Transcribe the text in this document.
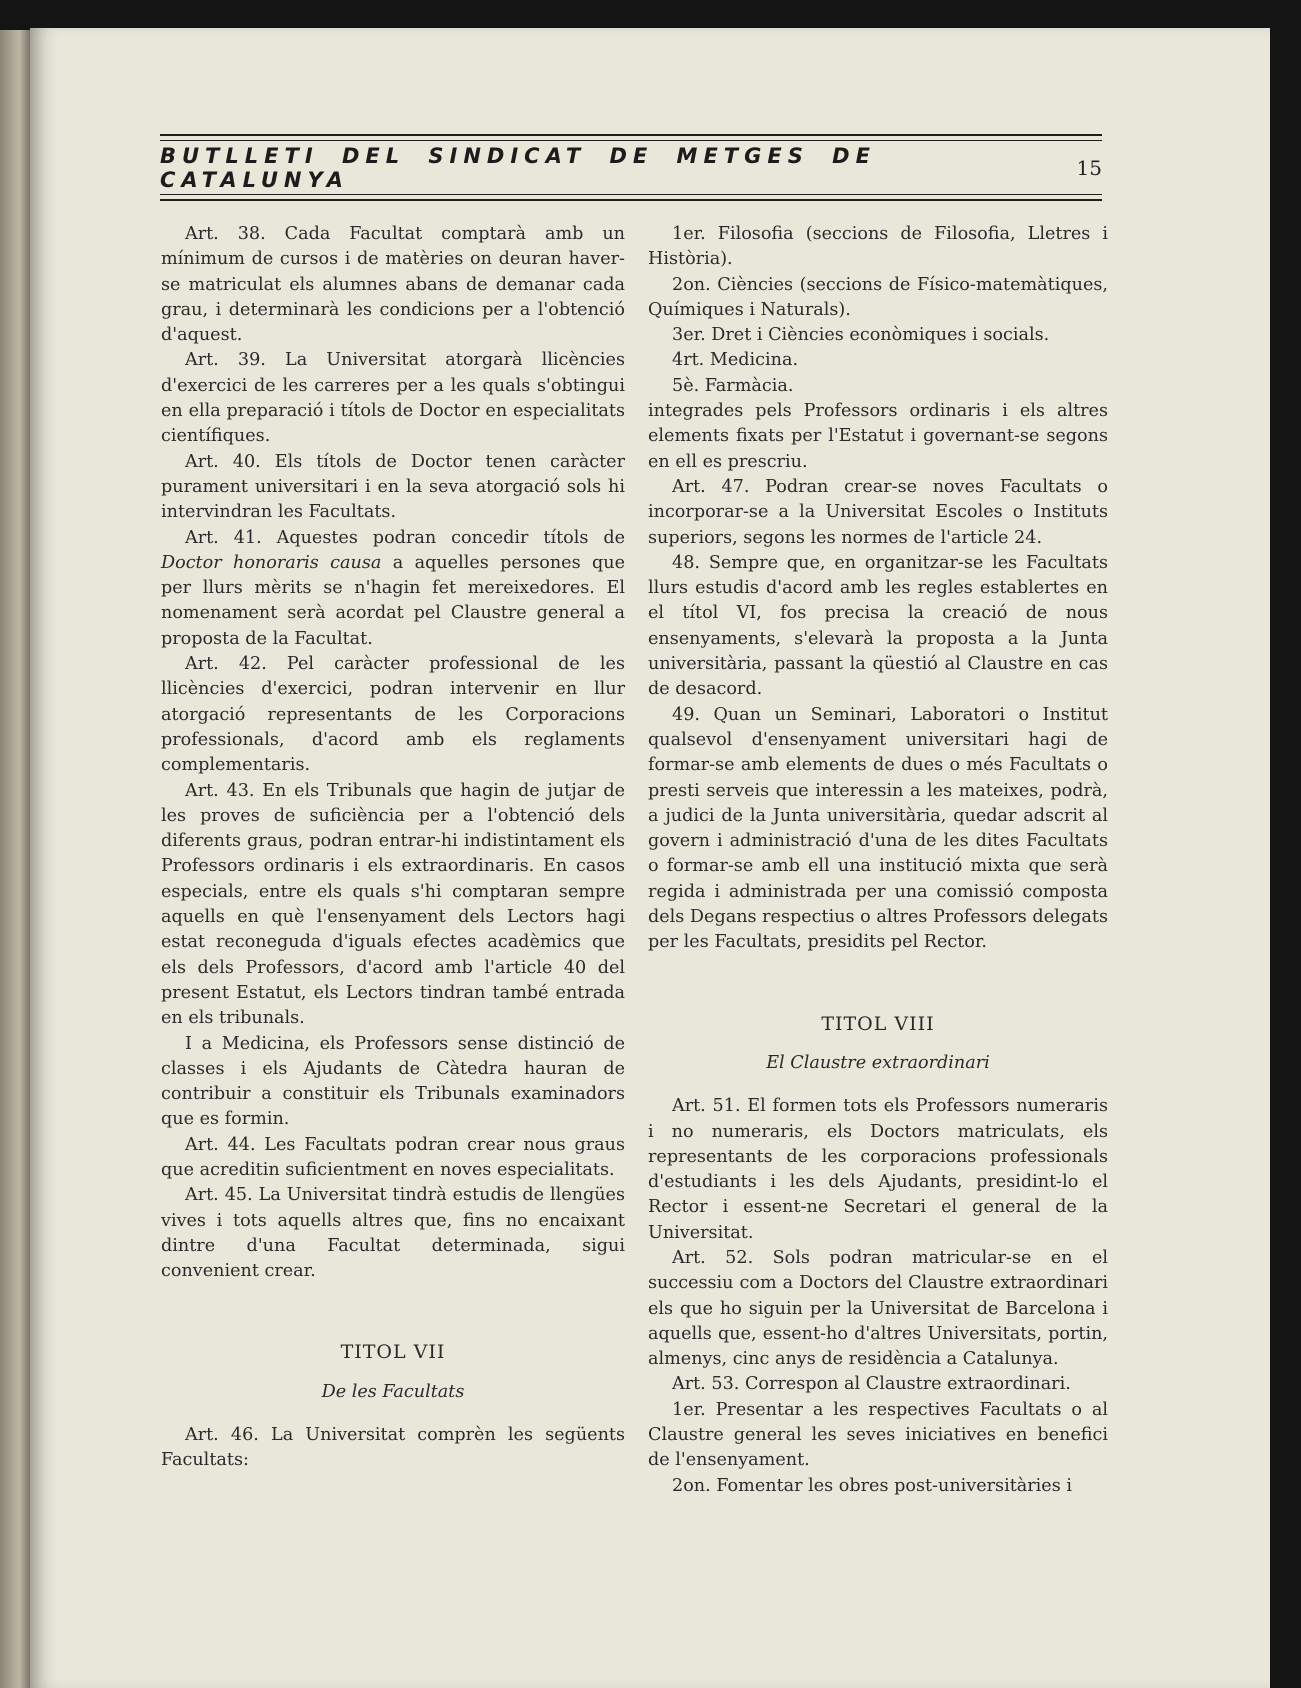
BUTLLETI DEL SINDICAT DE METGES DE CATALUNYA	15

Art. 38. Cada Facultat comptarà amb un mínimum de cursos i de matèries on deuran haver-se matriculat els alumnes abans de demanar cada grau, i determinarà les condicions per a l'obtenció d'aquest.

Art. 39. La Universitat atorgarà llicències d'exercici de les carreres per a les quals s'obtingui en ella preparació i títols de Doctor en especialitats científiques.

Art. 40. Els títols de Doctor tenen caràcter purament universitari i en la seva atorgació sols hi intervindran les Facultats.

Art. 41. Aquestes podran concedir títols de Doctor honoraris causa a aquelles persones que per llurs mèrits se n'hagin fet mereixedores. El nomenament serà acordat pel Claustre general a proposta de la Facultat.

Art. 42. Pel caràcter professional de les llicències d'exercici, podran intervenir en llur atorgació representants de les Corporacions professionals, d'acord amb els reglaments complementaris.

Art. 43. En els Tribunals que hagin de jutjar de les proves de suficiència per a l'obtenció dels diferents graus, podran entrar-hi indistintament els Professors ordinaris i els extraordinaris. En casos especials, entre els quals s'hi comptaran sempre aquells en què l'ensenyament dels Lectors hagi estat reconeguda d'iguals efectes acadèmics que els dels Professors, d'acord amb l'article 40 del present Estatut, els Lectors tindran també entrada en els tribunals.

I a Medicina, els Professors sense distinció de classes i els Ajudants de Càtedra hauran de contribuir a constituir els Tribunals examinadors que es formin.

Art. 44. Les Facultats podran crear nous graus que acreditin suficientment en noves especialitats.

Art. 45. La Universitat tindrà estudis de llengües vives i tots aquells altres que, fins no encaixant dintre d'una Facultat determinada, sigui convenient crear.

TITOL VII

De les Facultats

Art. 46. La Universitat comprèn les següents Facultats:

1er. Filosofia (seccions de Filosofia, Lletres i Història).

2on. Ciències (seccions de Físico-matemàtiques, Químiques i Naturals).

3er. Dret i Ciències econòmiques i socials.

4rt. Medicina.

5è. Farmàcia.

integrades pels Professors ordinaris i els altres elements fixats per l'Estatut i governant-se segons en ell es prescriu.

Art. 47. Podran crear-se noves Facultats o incorporar-se a la Universitat Escoles o Instituts superiors, segons les normes de l'article 24.

48. Sempre que, en organitzar-se les Facultats llurs estudis d'acord amb les regles establertes en el títol VI, fos precisa la creació de nous ensenyaments, s'elevarà la proposta a la Junta universitària, passant la qüestió al Claustre en cas de desacord.

49. Quan un Seminari, Laboratori o Institut qualsevol d'ensenyament universitari hagi de formar-se amb elements de dues o més Facultats o presti serveis que interessin a les mateixes, podrà, a judici de la Junta universitària, quedar adscrit al govern i administració d'una de les dites Facultats o formar-se amb ell una institució mixta que serà regida i administrada per una comissió composta dels Degans respectius o altres Professors delegats per les Facultats, presidits pel Rector.

TITOL VIII

El Claustre extraordinari

Art. 51. El formen tots els Professors numeraris i no numeraris, els Doctors matriculats, els representants de les corporacions professionals d'estudiants i les dels Ajudants, presidint-lo el Rector i essent-ne Secretari el general de la Universitat.

Art. 52. Sols podran matricular-se en el successiu com a Doctors del Claustre extraordinari els que ho siguin per la Universitat de Barcelona i aquells que, essent-ho d'altres Universitats, portin, almenys, cinc anys de residència a Catalunya.

Art. 53. Correspon al Claustre extraordinari.

1er. Presentar a les respectives Facultats o al Claustre general les seves iniciatives en benefici de l'ensenyament.

2on. Fomentar les obres post-universitàries i
